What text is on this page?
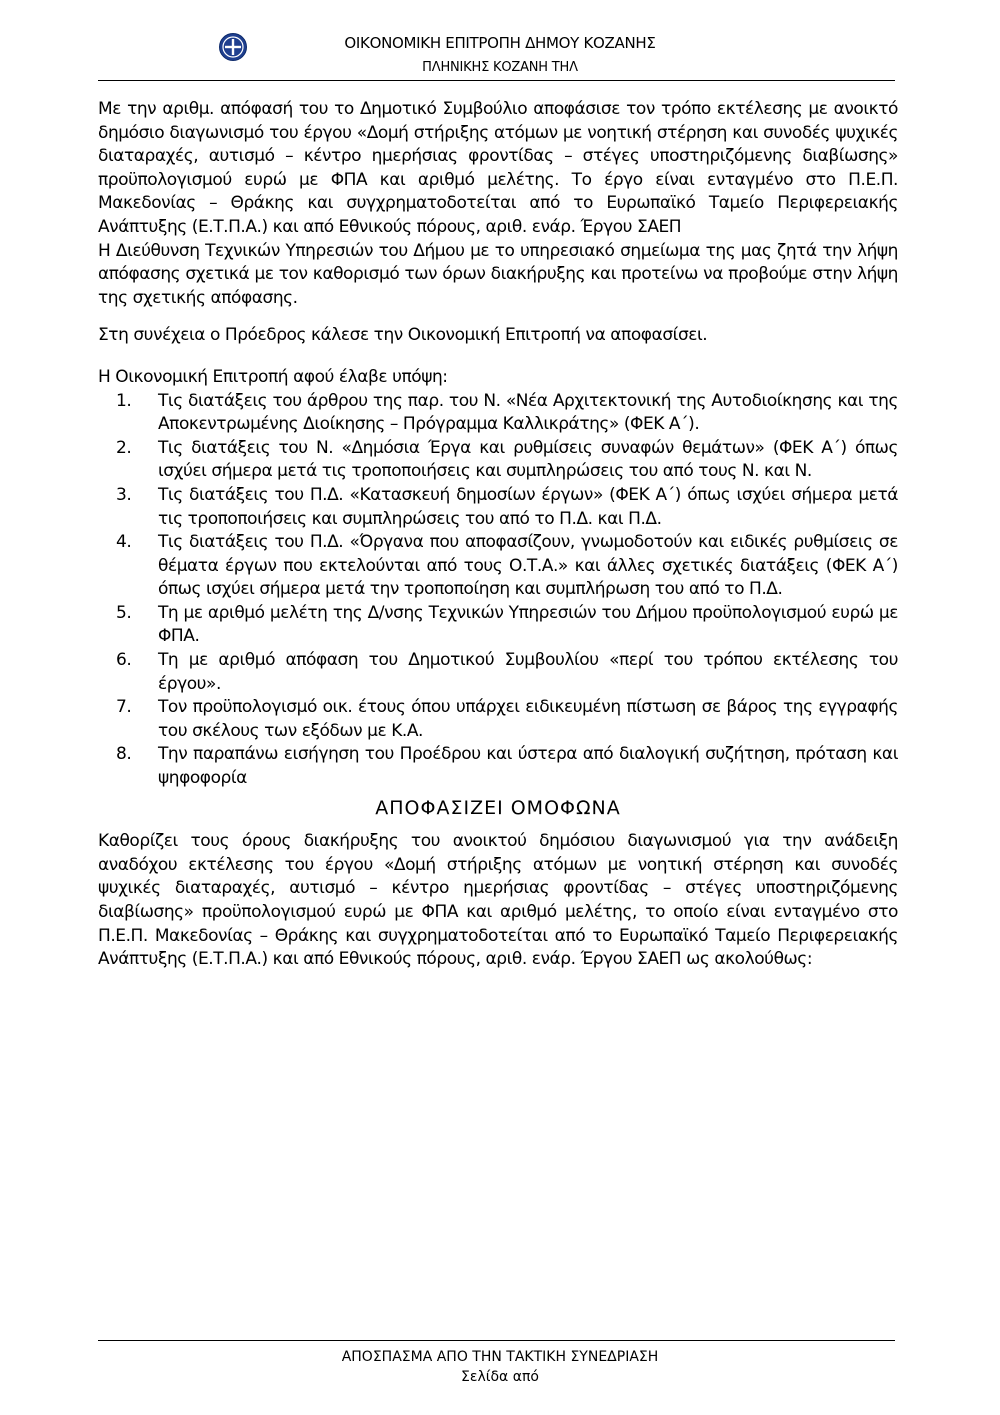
ΟΙΚΟΝΟΜΙΚΗ ΕΠΙΤΡΟΠΗ ΔΗΜΟΥ ΚΟΖΑΝΗΣ
ΠΛΗΝΙΚΗΣ ΚΟΖΑΝΗ ΤΗΛ

Με την αριθμ. απόφασή του το Δημοτικό Συμβούλιο αποφάσισε τον τρόπο εκτέλεσης με ανοικτό δημόσιο διαγωνισμό του έργου «Δομή στήριξης ατόμων με νοητική στέρηση και συνοδές ψυχικές διαταραχές, αυτισμό – κέντρο ημερήσιας φροντίδας – στέγες υποστηριζόμενης διαβίωσης» προϋπολογισμού ευρώ με ΦΠΑ και αριθμό μελέτης. Το έργο είναι ενταγμένο στο Π.Ε.Π. Μακεδονίας – Θράκης και συγχρηματοδοτείται από το Ευρωπαϊκό Ταμείο Περιφερειακής Ανάπτυξης (Ε.Τ.Π.Α.) και από Εθνικούς πόρους, αριθ. ενάρ. Έργου ΣΑΕΠ

Η Διεύθυνση Τεχνικών Υπηρεσιών του Δήμου με το υπηρεσιακό σημείωμα της μας ζητά την λήψη απόφασης σχετικά με τον καθορισμό των όρων διακήρυξης και προτείνω να προβούμε στην λήψη της σχετικής απόφασης.

Στη συνέχεια ο Πρόεδρος κάλεσε την Οικονομική Επιτροπή να αποφασίσει.

Η Οικονομική Επιτροπή αφού έλαβε υπόψη:

1.	Τις διατάξεις του άρθρου της παρ. του Ν. «Νέα Αρχιτεκτονική της Αυτοδιοίκησης και της Αποκεντρωμένης Διοίκησης – Πρόγραμμα Καλλικράτης» (ΦΕΚ Α΄).
2.	Τις διατάξεις του Ν. «Δημόσια Έργα και ρυθμίσεις συναφών θεμάτων» (ΦΕΚ Α΄) όπως ισχύει σήμερα μετά τις τροποποιήσεις και συμπληρώσεις του από τους Ν. και Ν.
3.	Τις διατάξεις του Π.Δ. «Κατασκευή δημοσίων έργων» (ΦΕΚ Α΄) όπως ισχύει σήμερα μετά τις τροποποιήσεις και συμπληρώσεις του από το Π.Δ. και Π.Δ.
4.	Τις διατάξεις του Π.Δ. «Όργανα που αποφασίζουν, γνωμοδοτούν και ειδικές ρυθμίσεις σε θέματα έργων που εκτελούνται από τους Ο.Τ.Α.» και άλλες σχετικές διατάξεις (ΦΕΚ Α΄) όπως ισχύει σήμερα μετά την τροποποίηση και συμπλήρωση του από το Π.Δ.
5.	Τη με αριθμό μελέτη της Δ/νσης Τεχνικών Υπηρεσιών του Δήμου προϋπολογισμού ευρώ με ΦΠΑ.
6.	Τη με αριθμό απόφαση του Δημοτικού Συμβουλίου «περί του τρόπου εκτέλεσης του έργου».
7.	Τον προϋπολογισμό οικ. έτους όπου υπάρχει ειδικευμένη πίστωση σε βάρος της εγγραφής του σκέλους των εξόδων με Κ.Α.
8.	Την παραπάνω εισήγηση του Προέδρου και ύστερα από διαλογική συζήτηση, πρόταση και ψηφοφορία
ΑΠΟΦΑΣΙΖΕΙ ΟΜΟΦΩΝΑ

Καθορίζει τους όρους διακήρυξης του ανοικτού δημόσιου διαγωνισμού για την ανάδειξη αναδόχου εκτέλεσης του έργου «Δομή στήριξης ατόμων με νοητική στέρηση και συνοδές ψυχικές διαταραχές, αυτισμό – κέντρο ημερήσιας φροντίδας – στέγες υποστηριζόμενης διαβίωσης» προϋπολογισμού ευρώ με ΦΠΑ και αριθμό μελέτης, το οποίο είναι ενταγμένο στο Π.Ε.Π. Μακεδονίας – Θράκης και συγχρηματοδοτείται από το Ευρωπαϊκό Ταμείο Περιφερειακής Ανάπτυξης (Ε.Τ.Π.Α.) και από Εθνικούς πόρους, αριθ. ενάρ. Έργου ΣΑΕΠ ως ακολούθως:

ΑΠΟΣΠΑΣΜΑ ΑΠΟ ΤΗΝ ΤΑΚΤΙΚΗ ΣΥΝΕΔΡΙΑΣΗ
Σελίδα από
